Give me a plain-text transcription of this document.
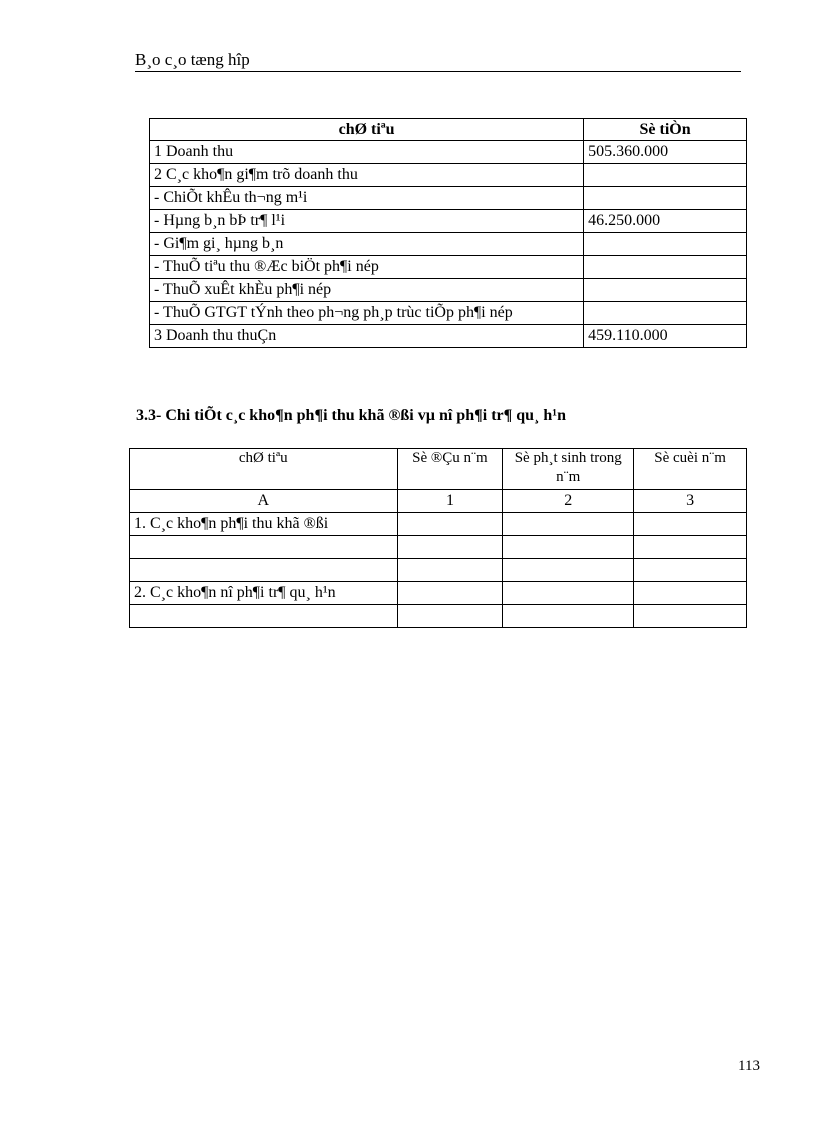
B¸o c¸o tæng hîp
chØ tiªu	Sè tiÒn
1 Doanh thu	505.360.000
2 C¸c kho¶n gi¶m trõ doanh thu	
- ChiÕt khÊu th¬ng m¹i	
- Hµng b¸n bÞ tr¶ l¹i	46.250.000
- Gi¶m gi¸ hµng b¸n	
- ThuÕ tiªu thu ®Æc biÖt ph¶i nép	
- ThuÕ xuÊt khÈu ph¶i nép	
- ThuÕ GTGT tÝnh theo ph¬ng ph¸p trùc tiÕp ph¶i nép	
3 Doanh thu thuÇn	459.110.000
3.3- Chi tiÕt c¸c kho¶n ph¶i thu khã ®ßi vµ nî ph¶i tr¶ qu¸ h¹n
chØ tiªu	Sè ®Çu n¨m	Sè ph¸t sinh trong n¨m	Sè cuèi n¨m
A	1	2	3
1. C¸c kho¶n ph¶i thu khã ®ßi			

2. C¸c kho¶n nî ph¶i tr¶ qu¸ h¹n			

113
